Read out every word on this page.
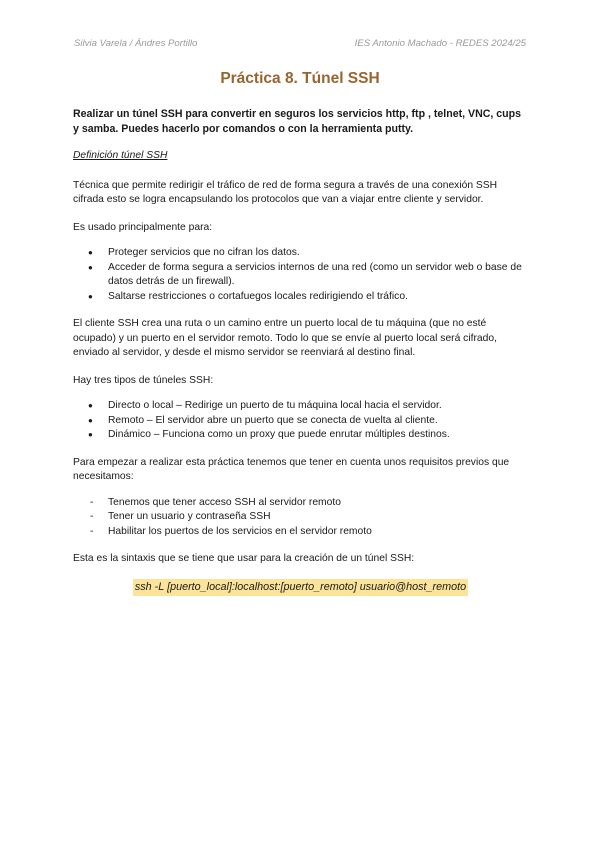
Silvia Varela / Ándres Portillo	IES Antonio Machado - REDES 2024/25
Práctica 8. Túnel SSH

Realizar un túnel SSH para convertir en seguros los servicios http, ftp , telnet, VNC, cups y samba. Puedes hacerlo por comandos o con la herramienta putty.

Definición túnel SSH

Técnica que permite redirigir el tráfico de red de forma segura a través de una conexión SSH cifrada esto se logra encapsulando los protocolos que van a viajar entre cliente y servidor.

Es usado principalmente para:

● Proteger servicios que no cifran los datos.
● Acceder de forma segura a servicios internos de una red (como un servidor web o base de datos detrás de un firewall).
● Saltarse restricciones o cortafuegos locales redirigiendo el tráfico.

El cliente SSH crea una ruta o un camino entre un puerto local de tu máquina (que no esté ocupado) y un puerto en el servidor remoto. Todo lo que se envíe al puerto local será cifrado, enviado al servidor, y desde el mismo servidor se reenviará al destino final.

Hay tres tipos de túneles SSH:

● Directo o local – Redirige un puerto de tu máquina local hacia el servidor.
● Remoto – El servidor abre un puerto que se conecta de vuelta al cliente.
● Dinámico – Funciona como un proxy que puede enrutar múltiples destinos.

Para empezar a realizar esta práctica tenemos que tener en cuenta unos requisitos previos que necesitamos:

- Tenemos que tener acceso SSH al servidor remoto
- Tener un usuario y contraseña SSH
- Habilitar los puertos de los servicios en el servidor remoto

Esta es la sintaxis que se tiene que usar para la creación de un túnel SSH:

ssh -L [puerto_local]:localhost:[puerto_remoto] usuario@host_remoto
